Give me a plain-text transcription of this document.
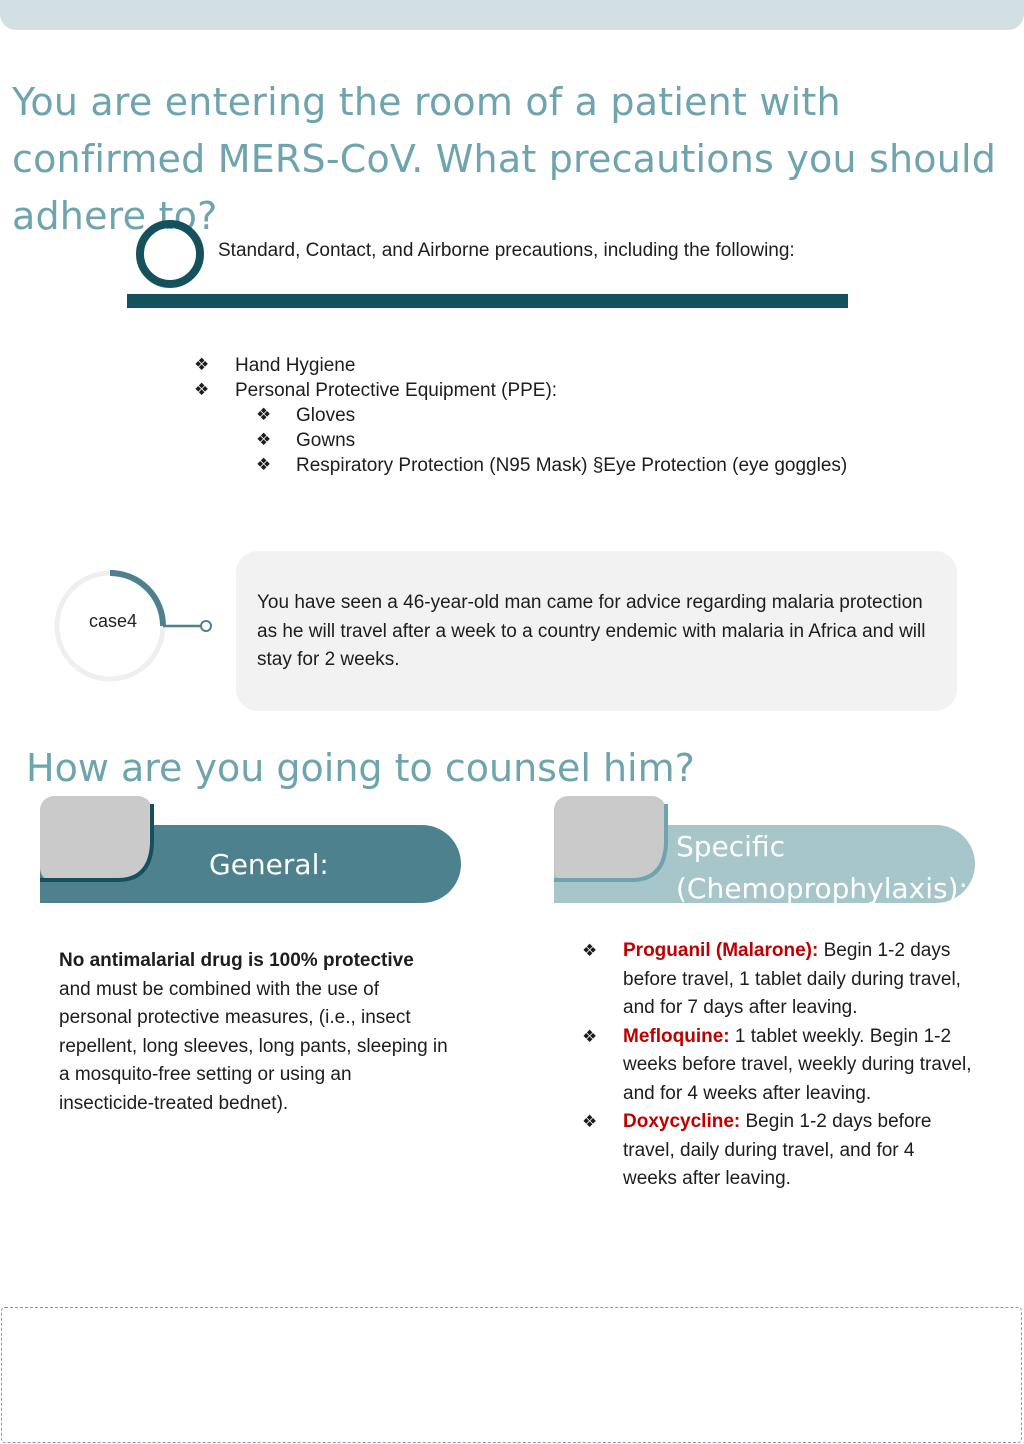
You are entering the room of a patient with confirmed MERS-CoV. What precautions you should adhere to?
Standard, Contact, and Airborne precautions, including the following:
❖ Hand Hygiene
❖ Personal Protective Equipment (PPE):
❖ Gloves
❖ Gowns
❖ Respiratory Protection (N95 Mask) §Eye Protection (eye goggles)
case4

You have seen a 46-year-old man came for advice regarding malaria protection as he will travel after a week to a country endemic with malaria in Africa and will stay for 2 weeks.

How are you going to counsel him?
General:
Specific
(Chemoprophylaxis):

No antimalarial drug is 100% protective and must be combined with the use of personal protective measures, (i.e., insect repellent, long sleeves, long pants, sleeping in a mosquito-free setting or using an insecticide-treated bednet).

❖ Proguanil (Malarone): Begin 1-2 days before travel, 1 tablet daily during travel, and for 7 days after leaving.
❖ Mefloquine: 1 tablet weekly. Begin 1-2 weeks before travel, weekly during travel, and for 4 weeks after leaving.
❖ Doxycycline: Begin 1-2 days before travel, daily during travel, and for 4 weeks after leaving.
